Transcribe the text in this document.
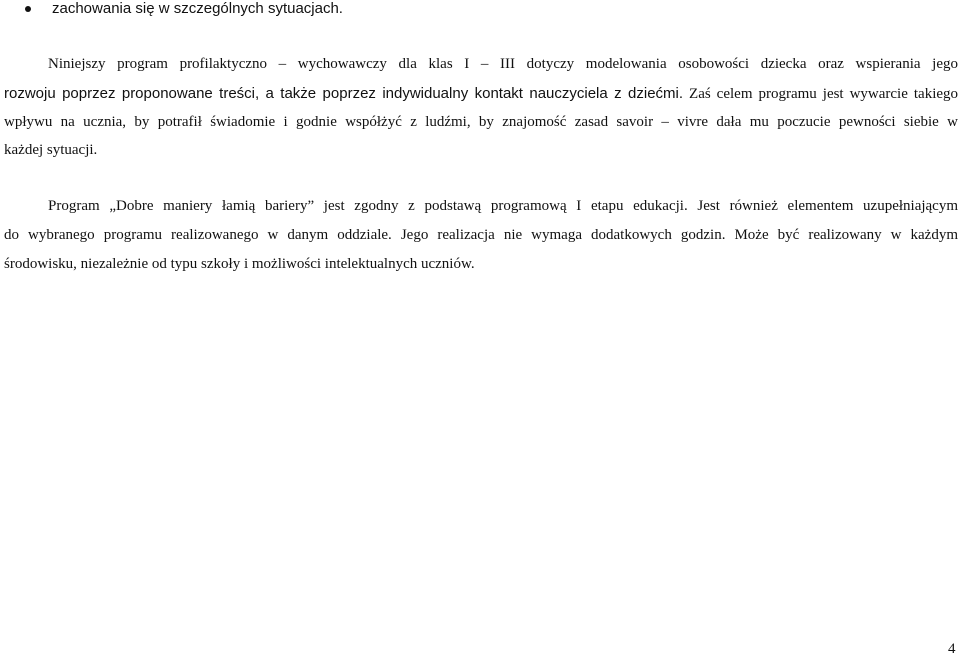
zachowania się w szczególnych sytuacjach.
Niniejszy program profilaktyczno – wychowawczy dla klas I – III dotyczy modelowania osobowości dziecka oraz wspierania jego
rozwoju poprzez proponowane treści, a także poprzez indywidualny kontakt nauczyciela z dziećmi. Zaś celem programu jest wywarcie takiego
wpływu na ucznia, by potrafił świadomie i godnie współżyć z ludźmi, by znajomość zasad savoir – vivre dała mu poczucie pewności siebie w
każdej sytuacji.
Program „Dobre maniery łamią bariery” jest zgodny z podstawą programową I etapu edukacji. Jest również elementem uzupełniającym
do wybranego programu realizowanego w danym oddziale. Jego realizacja nie wymaga dodatkowych godzin. Może być realizowany w każdym
środowisku, niezależnie od typu szkoły i możliwości intelektualnych uczniów.
4
